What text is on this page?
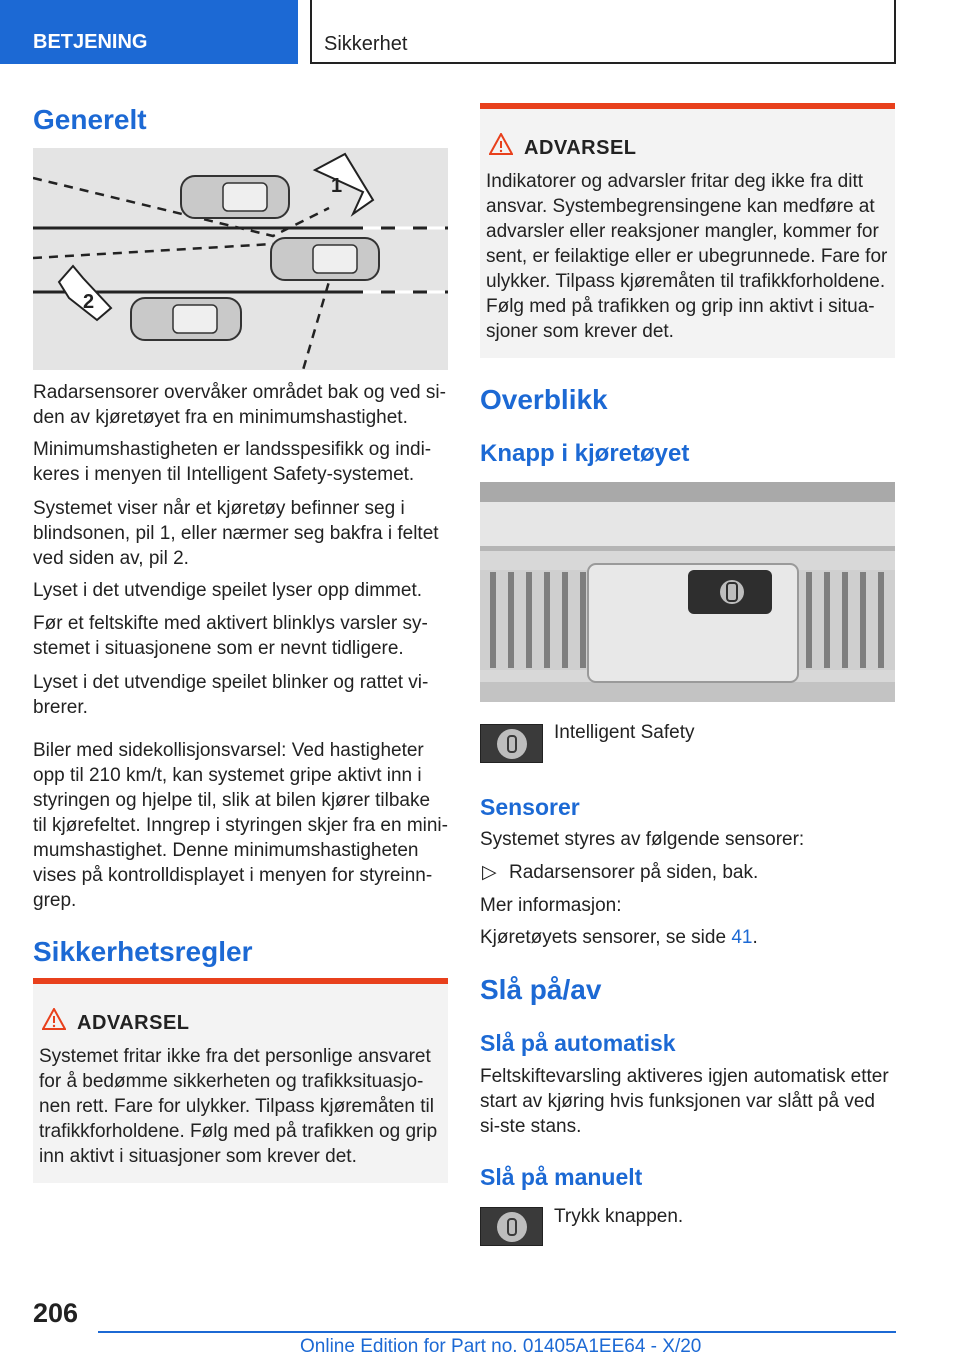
BETJENING	Sikkerhet
Generelt
1
2

Radarsensorer overvåker området bak og ved si-den av kjøretøyet fra en minimumshastighet.

Minimumshastigheten er landsspesifikk og indi-keres i menyen til Intelligent Safety-systemet.

Systemet viser når et kjøretøy befinner seg i blindsonen, pil 1, eller nærmer seg bakfra i feltet ved siden av, pil 2.

Lyset i det utvendige speilet lyser opp dimmet.

Før et feltskifte med aktivert blinklys varsler sy-stemet i situasjonene som er nevnt tidligere.

Lyset i det utvendige speilet blinker og rattet vi-brerer.

Biler med sidekollisjonsvarsel: Ved hastigheter opp til 210 km/t, kan systemet gripe aktivt inn i styringen og hjelpe til, slik at bilen kjører tilbake til kjørefeltet. Inngrep i styringen skjer fra en mini-mumshastighet. Denne minimumshastigheten vises på kontrolldisplayet i menyen for styreinn-grep.

Sikkerhetsregler
ADVARSEL
Systemet fritar ikke fra det personlige ansvaret for å bedømme sikkerheten og trafikksituasjo-nen rett. Fare for ulykker. Tilpass kjøremåten til trafikkforholdene. Følg med på trafikken og grip inn aktivt i situasjoner som krever det.
ADVARSEL
Indikatorer og advarsler fritar deg ikke fra ditt ansvar. Systembegrensingene kan medføre at advarsler eller reaksjoner mangler, kommer for sent, er feilaktige eller er ubegrunnede. Fare for ulykker. Tilpass kjøremåten til trafikkforholdene. Følg med på trafikken og grip inn aktivt i situa-sjoner som krever det.
Overblikk
Knapp i kjøretøyet

Intelligent Safety

Sensorer

Systemet styres av følgende sensorer:

▷ Radarsensorer på siden, bak.

Mer informasjon:

Kjøretøyets sensorer, se side 41.

Slå på/av
Slå på automatisk

Feltskiftevarsling aktiveres igjen automatisk etter start av kjøring hvis funksjonen var slått på ved si-ste stans.

Slå på manuelt

Trykk knappen.

206
Online Edition for Part no. 01405A1EE64 - X/20
